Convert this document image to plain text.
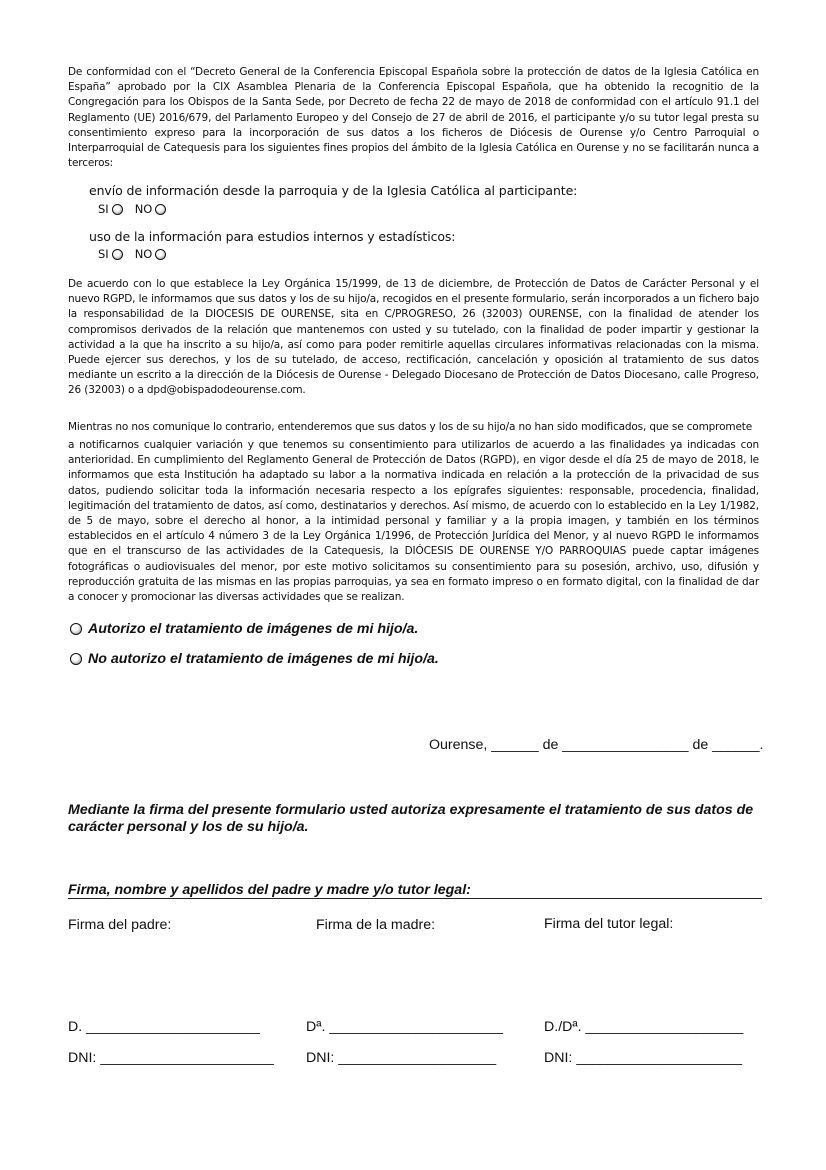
De conformidad con el “Decreto General de la Conferencia Episcopal Española sobre la protección de datos de la Iglesia Católica en España” aprobado por la CIX Asamblea Plenaria de la Conferencia Episcopal Española, que ha obtenido la recognitio de la Congregación para los Obispos de la Santa Sede, por Decreto de fecha 22 de mayo de 2018 de conformidad con el artículo 91.1 del Reglamento (UE) 2016/679, del Parlamento Europeo y del Consejo de 27 de abril de 2016, el participante y/o su tutor legal presta su consentimiento expreso para la incorporación de sus datos a los ficheros de Diócesis de Ourense y/o Centro Parroquial o Interparroquial de Catequesis para los siguientes fines propios del ámbito de la Iglesia Católica en Ourense y no se facilitarán nunca a terceros:

envío de información desde la parroquia y de la Iglesia Católica al participante:
SI NO
uso de la información para estudios internos y estadísticos:
SI NO

De acuerdo con lo que establece la Ley Orgánica 15/1999, de 13 de diciembre, de Protección de Datos de Carácter Personal y el nuevo RGPD, le informamos que sus datos y los de su hijo/a, recogidos en el presente formulario, serán incorporados a un fichero bajo la responsabilidad de la DIOCESIS DE OURENSE, sita en C/PROGRESO, 26 (32003) OURENSE, con la finalidad de atender los compromisos derivados de la relación que mantenemos con usted y su tutelado, con la finalidad de poder impartir y gestionar la actividad a la que ha inscrito a su hijo/a, así como para poder remitirle aquellas circulares informativas relacionadas con la misma. Puede ejercer sus derechos, y los de su tutelado, de acceso, rectificación, cancelación y oposición al tratamiento de sus datos mediante un escrito a la dirección de la Diócesis de Ourense - Delegado Diocesano de Protección de Datos Diocesano, calle Progreso, 26 (32003) o a dpd@obispadodeourense.com.

Mientras no nos comunique lo contrario, entenderemos que sus datos y los de su hijo/a no han sido modificados, que se compromete

a notificarnos cualquier variación y que tenemos su consentimiento para utilizarlos de acuerdo a las finalidades ya indicadas con anterioridad. En cumplimiento del Reglamento General de Protección de Datos (RGPD), en vigor desde el día 25 de mayo de 2018, le informamos que esta Institución ha adaptado su labor a la normativa indicada en relación a la protección de la privacidad de sus datos, pudiendo solicitar toda la información necesaria respecto a los epígrafes siguientes: responsable, procedencia, finalidad, legitimación del tratamiento de datos, así como, destinatarios y derechos. Así mismo, de acuerdo con lo establecido en la Ley 1/1982, de 5 de mayo, sobre el derecho al honor, a la intimidad personal y familiar y a la propia imagen, y también en los términos establecidos en el artículo 4 número 3 de la Ley Orgánica 1/1996, de Protección Jurídica del Menor, y al nuevo RGPD le informamos que en el transcurso de las actividades de la Catequesis, la DIÓCESIS DE OURENSE Y/O PARROQUIAS puede captar imágenes fotográficas o audiovisuales del menor, por este motivo solicitamos su consentimiento para su posesión, archivo, uso, difusión y reproducción gratuita de las mismas en las propias parroquias, ya sea en formato impreso o en formato digital, con la finalidad de dar a conocer y promocionar las diversas actividades que se realizan.

Autorizo el tratamiento de imágenes de mi hijo/a.
No autorizo el tratamiento de imágenes de mi hijo/a.
Ourense, ______ de ________________ de ______.
Mediante la firma del presente formulario usted autoriza expresamente el tratamiento de sus datos de carácter personal y los de su hijo/a.
Firma, nombre y apellidos del padre y madre y/o tutor legal:
Firma del padre:	Firma de la madre:	Firma del tutor legal:
D. ______________________	Dª. ______________________	D./Dª. ____________________
DNI: ______________________ DNI: ____________________	DNI: _____________________
